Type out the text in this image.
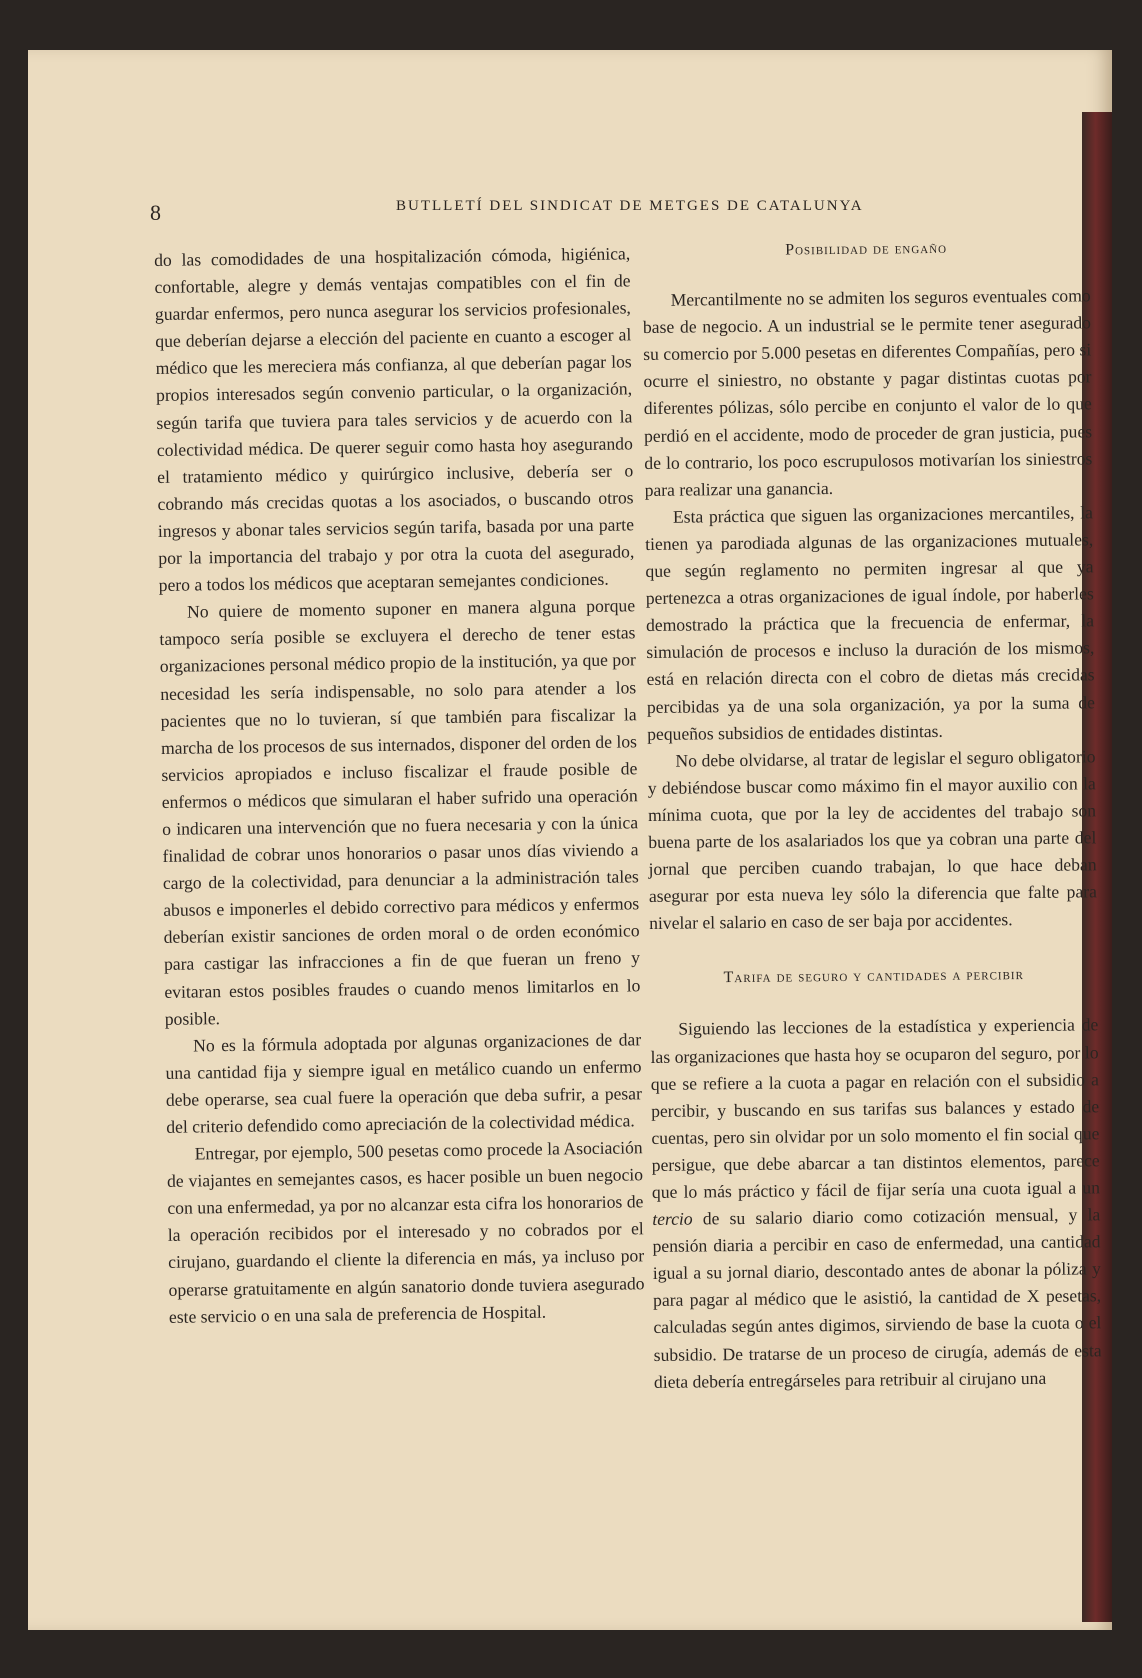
8	BUTLLETÍ DEL SINDICAT DE METGES DE CATALUNYA

do las comodidades de una hospitalización cómoda, higiénica, confortable, alegre y demás ventajas compatibles con el fin de guardar enfermos, pero nunca asegurar los servicios profesionales, que deberían dejarse a elección del paciente en cuanto a escoger al médico que les mereciera más confianza, al que deberían pagar los propios interesados según convenio particular, o la organización, según tarifa que tuviera para tales servicios y de acuerdo con la colectividad médica. De querer seguir como hasta hoy asegurando el tratamiento médico y quirúrgico inclusive, debería ser o cobrando más crecidas quotas a los asociados, o buscando otros ingresos y abonar tales servicios según tarifa, basada por una parte por la importancia del trabajo y por otra la cuota del asegurado, pero a todos los médicos que aceptaran semejantes condiciones.

No quiere de momento suponer en manera alguna porque tampoco sería posible se excluyera el derecho de tener estas organizaciones personal médico propio de la institución, ya que por necesidad les sería indispensable, no solo para atender a los pacientes que no lo tuvieran, sí que también para fiscalizar la marcha de los procesos de sus internados, disponer del orden de los servicios apropiados e incluso fiscalizar el fraude posible de enfermos o médicos que simularan el haber sufrido una operación o indicaren una intervención que no fuera necesaria y con la única finalidad de cobrar unos honorarios o pasar unos días viviendo a cargo de la colectividad, para denunciar a la administración tales abusos e imponerles el debido correctivo para médicos y enfermos deberían existir sanciones de orden moral o de orden económico para castigar las infracciones a fin de que fueran un freno y evitaran estos posibles fraudes o cuando menos limitarlos en lo posible.

No es la fórmula adoptada por algunas organizaciones de dar una cantidad fija y siempre igual en metálico cuando un enfermo debe operarse, sea cual fuere la operación que deba sufrir, a pesar del criterio defendido como apreciación de la colectividad médica.

Entregar, por ejemplo, 500 pesetas como procede la Asociación de viajantes en semejantes casos, es hacer posible un buen negocio con una enfermedad, ya por no alcanzar esta cifra los honorarios de la operación recibidos por el interesado y no cobrados por el cirujano, guardando el cliente la diferencia en más, ya incluso por operarse gratuitamente en algún sanatorio donde tuviera asegurado este servicio o en una sala de preferencia de Hospital.

Posibilidad de engaño

Mercantilmente no se admiten los seguros eventuales como base de negocio. A un industrial se le permite tener asegurado su comercio por 5.000 pesetas en diferentes Compañías, pero si ocurre el siniestro, no obstante y pagar distintas cuotas por diferentes pólizas, sólo percibe en conjunto el valor de lo que perdió en el accidente, modo de proceder de gran justicia, pues de lo contrario, los poco escrupulosos motivarían los siniestros para realizar una ganancia.

Esta práctica que siguen las organizaciones mercantiles, la tienen ya parodiada algunas de las organizaciones mutuales, que según reglamento no permiten ingresar al que ya pertenezca a otras organizaciones de igual índole, por haberles demostrado la práctica que la frecuencia de enfermar, la simulación de procesos e incluso la duración de los mismos, está en relación directa con el cobro de dietas más crecidas percibidas ya de una sola organización, ya por la suma de pequeños subsidios de entidades distintas.

No debe olvidarse, al tratar de legislar el seguro obligatorio y debiéndose buscar como máximo fin el mayor auxilio con la mínima cuota, que por la ley de accidentes del trabajo son buena parte de los asalariados los que ya cobran una parte del jornal que perciben cuando trabajan, lo que hace deban asegurar por esta nueva ley sólo la diferencia que falte para nivelar el salario en caso de ser baja por accidentes.

Tarifa de seguro y cantidades a percibir

Siguiendo las lecciones de la estadística y experiencia de las organizaciones que hasta hoy se ocuparon del seguro, por lo que se refiere a la cuota a pagar en relación con el subsidio a percibir, y buscando en sus tarifas sus balances y estado de cuentas, pero sin olvidar por un solo momento el fin social que persigue, que debe abarcar a tan distintos elementos, parece que lo más práctico y fácil de fijar sería una cuota igual a un tercio de su salario diario como cotización mensual, y la pensión diaria a percibir en caso de enfermedad, una cantidad igual a su jornal diario, descontado antes de abonar la póliza y para pagar al médico que le asistió, la cantidad de X pesetas, calculadas según antes digimos, sirviendo de base la cuota o el subsidio. De tratarse de un proceso de cirugía, además de esta dieta debería entregárseles para retribuir al cirujano una
